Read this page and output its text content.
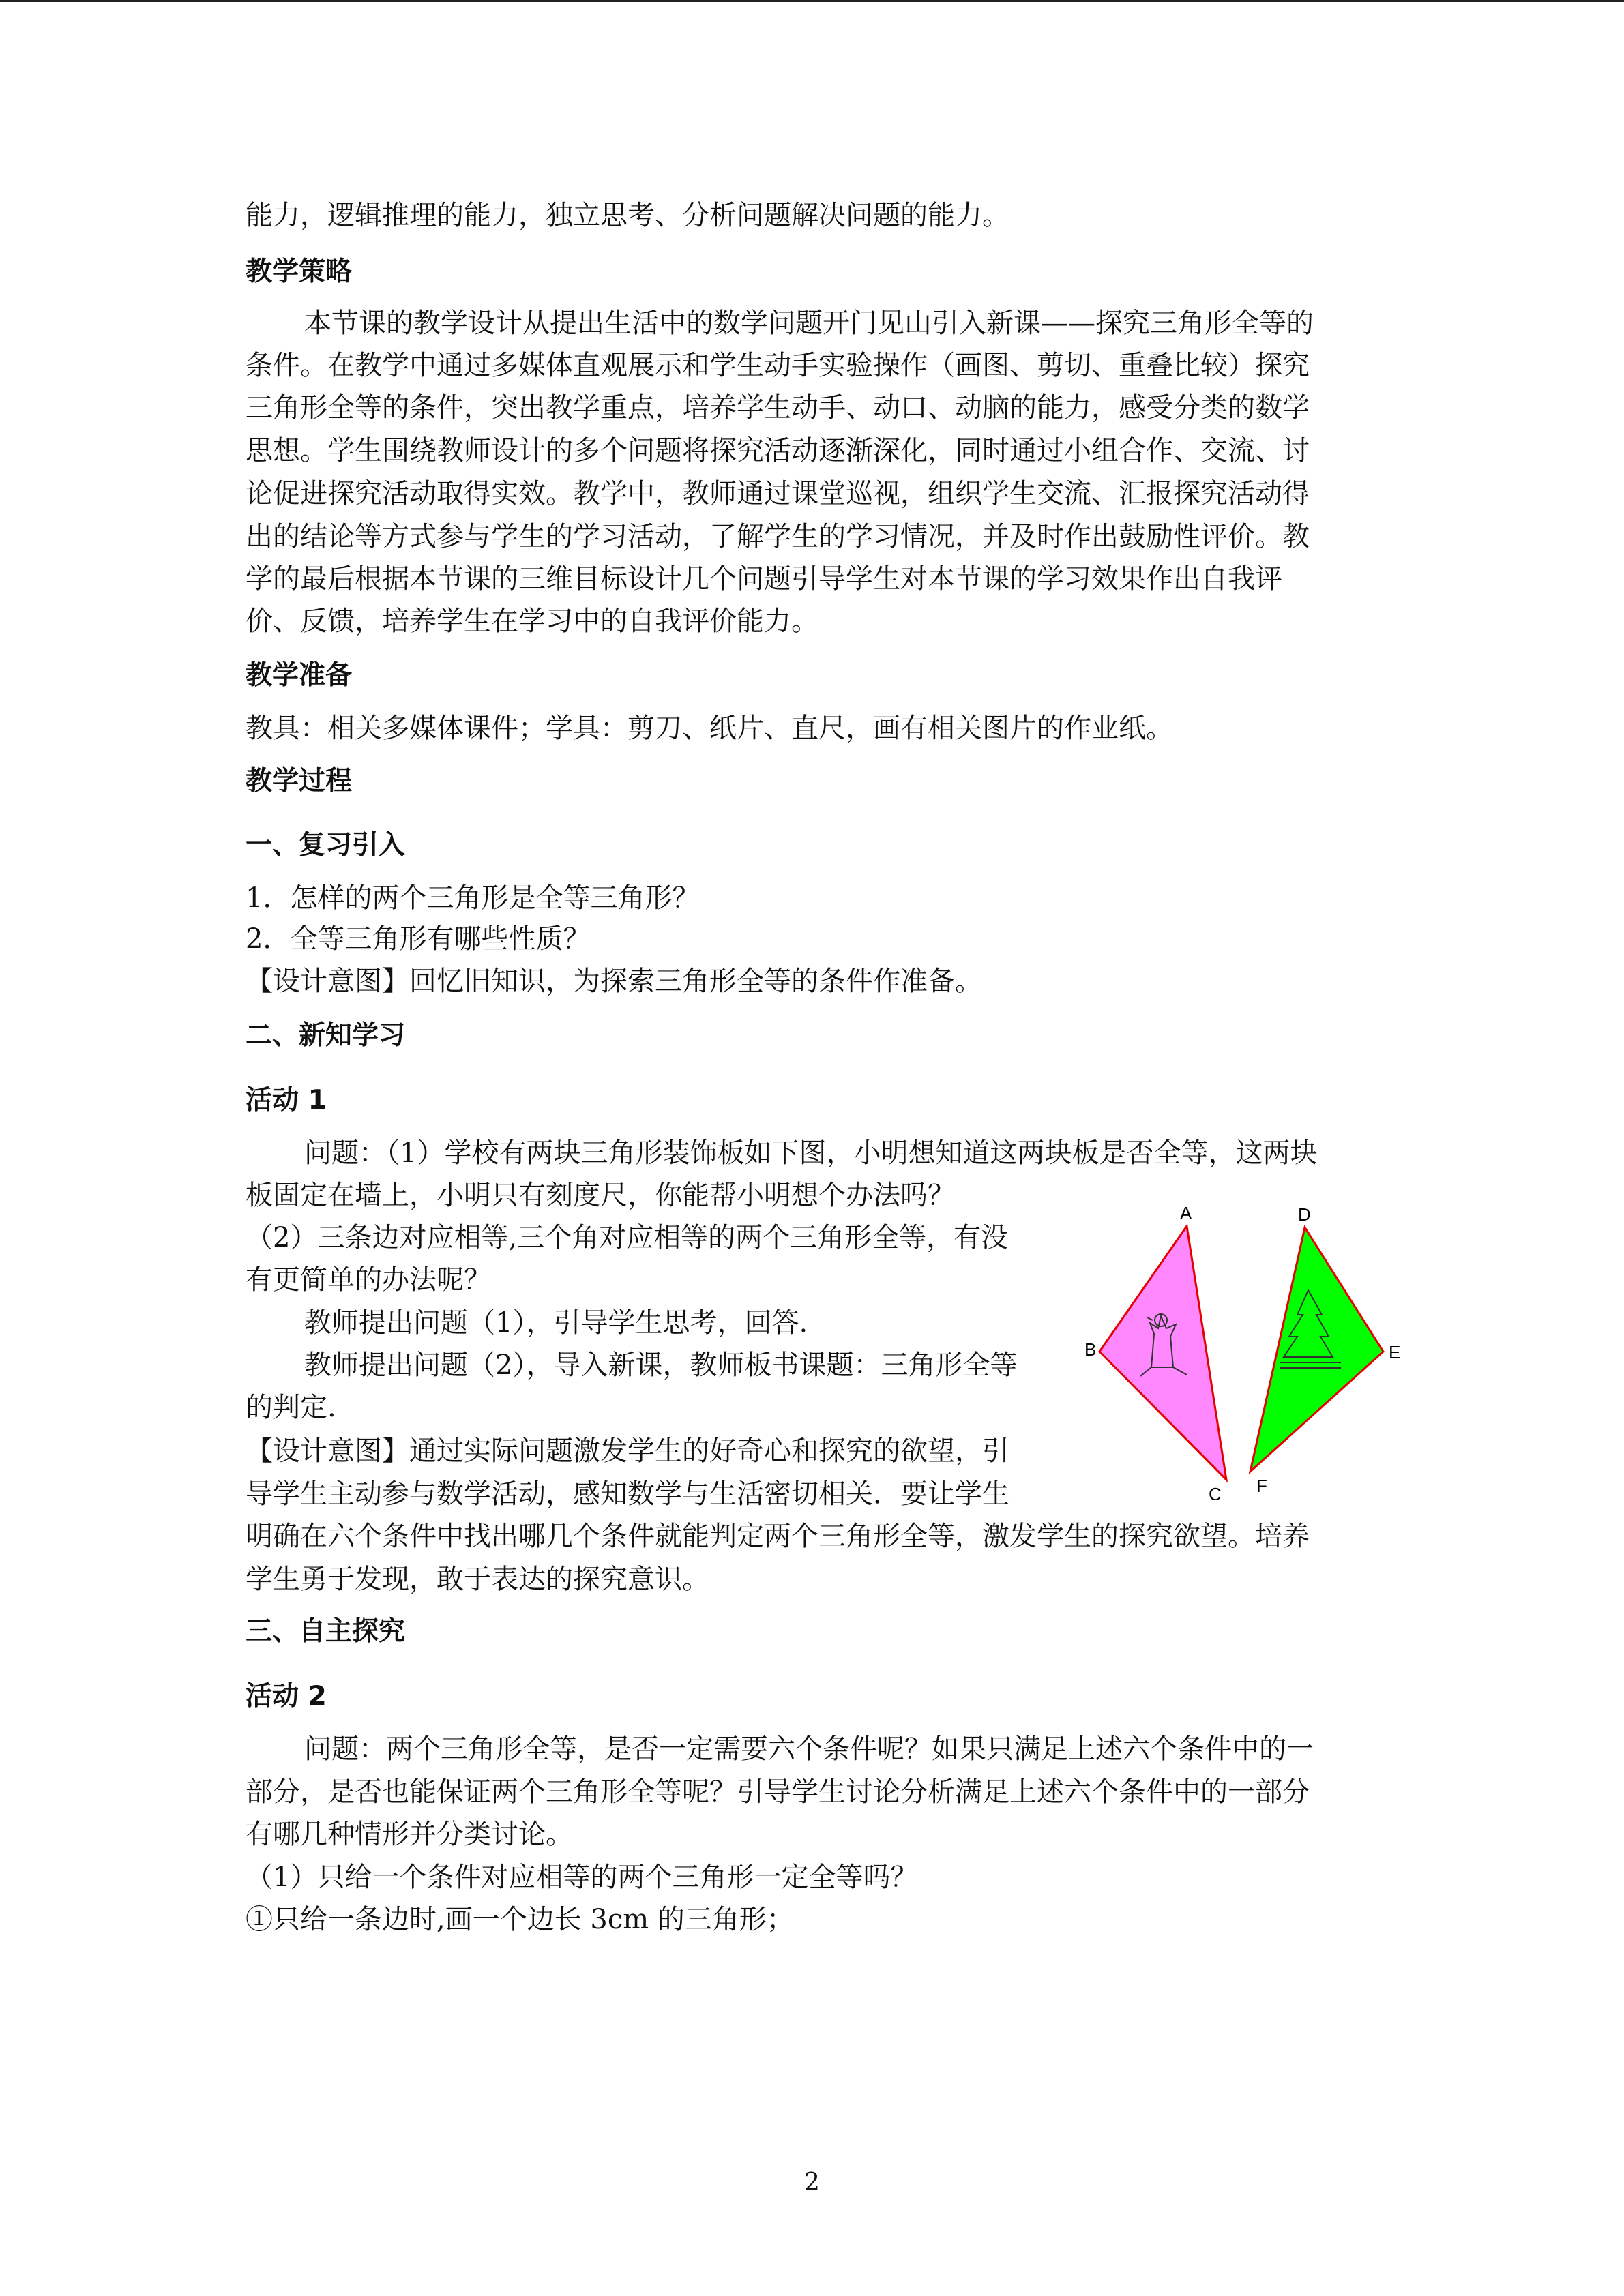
能力，逻辑推理的能力，独立思考、分析问题解决问题的能力。
教学策略
本节课的教学设计从提出生活中的数学问题开门见山引入新课——探究三角形全等的
条件。在教学中通过多媒体直观展示和学生动手实验操作（画图、剪切、重叠比较）探究
三角形全等的条件，突出教学重点，培养学生动手、动口、动脑的能力，感受分类的数学
思想。学生围绕教师设计的多个问题将探究活动逐渐深化，同时通过小组合作、交流、讨
论促进探究活动取得实效。教学中，教师通过课堂巡视，组织学生交流、汇报探究活动得
出的结论等方式参与学生的学习活动，了解学生的学习情况，并及时作出鼓励性评价。教
学的最后根据本节课的三维目标设计几个问题引导学生对本节课的学习效果作出自我评
价、反馈，培养学生在学习中的自我评价能力。
教学准备
教具：相关多媒体课件；学具：剪刀、纸片、直尺，画有相关图片的作业纸。
教学过程
一、复习引入
1．怎样的两个三角形是全等三角形？
2．全等三角形有哪些性质？
【设计意图】回忆旧知识，为探索三角形全等的条件作准备。
二、新知学习
活动 1
问题：（1）学校有两块三角形装饰板如下图，小明想知道这两块板是否全等，这两块
板固定在墙上，小明只有刻度尺，你能帮小明想个办法吗？
（2）三条边对应相等,三个角对应相等的两个三角形全等，有没
有更简单的办法呢？
教师提出问题（1），引导学生思考，回答.
教师提出问题（2），导入新课，教师板书课题：三角形全等
的判定.
【设计意图】通过实际问题激发学生的好奇心和探究的欲望，引
导学生主动参与数学活动，感知数学与生活密切相关．要让学生
明确在六个条件中找出哪几个条件就能判定两个三角形全等，激发学生的探究欲望。培养
学生勇于发现，敢于表达的探究意识。
三、自主探究
活动 2
问题：两个三角形全等，是否一定需要六个条件呢？如果只满足上述六个条件中的一
部分，是否也能保证两个三角形全等呢？引导学生讨论分析满足上述六个条件中的一部分
有哪几种情形并分类讨论。
（1）只给一个条件对应相等的两个三角形一定全等吗？
①只给一条边时,画一个边长 3cm 的三角形；
A
B
C
D
E
F
2
